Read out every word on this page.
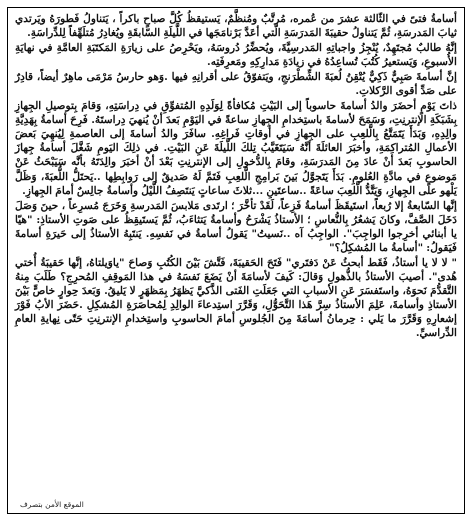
أسامةُ فتىً في الثّالثة عشرَ من عُمره، مُرتَّبٌ ومُنظَّمٌ، يَستيقظُ كُلَّ صباحٍ باكراً ، يَتناولُ فَطورَهُ ويَرتدي ثيابَ المَدرسَةِ، ثُمَّ يَتناولُ حقيبَةَ المَدرَسَةِ الَّتي أعَدَّ بَرْنامَجَها في اللَّيلَةِ السّابقَةِ ويُغادِرُ مُتلَهِّفاً لِلدِّراسَةِ.

إنَّهُ طالبٌ مُجتَهِدٌ، يُنْجِزُ واجباتِهِ المَدرسِيَّةَ، ويُحضِّرُ دُروسَهُ، ويَحْرِصُ على زيارَةِ المَكتَبَةِ العامَّةِ في نهايَةِ الأُسبوعِ، وَيَستعيرُ كُتُبَ تُساعِدُهُ في زيادَةِ مَدارِكِهِ ومَعرِفَتِه.

إنَّ أسامةَ صَبِيٌّ ذَكِيٌّ يُتْقِنُ لُعبَةَ الشِّطْرَنجِ، ويَتفوّقُ على أقرانِهِ فيها .وَهو حارسُ مَرْمَى ماهِرٌ أيضاً، قادِرٌ على صَدِّ أقوى الرَّكلاتِ.

ذاتَ يَوْمٍ أحضَرَ والدُ أسامةَ حاسوباً إلى البَيْتِ مُكافأةً لِوَلَدِهِ المُتفوِّقِ في دِراسَتِهِ، وَقامَ بِتوصيلِ الجِهازِ بِشَبَكَةِ الإنترنِتِ، وَسَمَحَ لأسامةَ باستِخدامِ الجِهازِ ساعةً في اليَوْمِ بَعدَ أنْ يُنهيَ دِراستَهُ. فَرِحَ أسامةُ بِهَدِيَّةِ والِدِهِ، وَبَدَأَ يَتَمَتَّعُ بِالَّلعِبِ على الجِهازِ في أوقاتِ فَراغِهِ. سافَرَ والدُ أسامةَ إلى العاصمةِ لِيُنهِيَ بَعضَ الأعمالِ المُتراكِمَةِ، وأخبَرَ العائلَةَ أنَّهُ سَيَتَغَيَّبُ تِلكَ اللَّيلَةَ عَنِ البَيْتِ. في ذلِكَ اليَومِ شَغَّلَ أسامةُ جِهازَ الحاسوبِ بَعدَ أنْ عادَ مِنَ المَدرَسَةِ، وقامَ بِالدُّخولِ إلى الإنترنِتِ بَعْدَ أنْ أخبَرَ والِدَتَهُ بأنَّه سَيَبْحَثُ عَنْ مَوضوعٍ في مادَّةِ العُلومِ. بَدَأَ يَتَجوَّلُ بَينَ بَرامِجِ الَّلعِبِ فَتَمَّ لَهُ صَديقٌ إلى رَوابِطِها ..يَحتَلُّ اللُّعبَةَ، وَظَلَّ يَلْهو على الجِهازِ، وَيَتَّدُّ الَّلعِبَ ساعَةً ..ساعتَينِ ...ثلاثَ ساعاتٍ يَنتَصِفُ اللَّيْلُ وأسامةُ جالِسٌ أمامَ الجِهازِ.

إنَّها السّابعةُ إلا رُبعاً، استَيقَظَ أسامةُ فَزِعاً، لَقَدْ تأخَّرَ ؛ ارتَدى مَلابسَ المَدرسةِ وَخَرَجَ مُسرِعاً ، حينَ وَصَلَ دَخَلَ الصَّفَّ، وكانَ يَشعُرُ بِالنُّعاسِ ؛ الأستاذُ يَشْرَحُ وأسامةُ يَتثاءَبُ، ثُمَّ يَستَيقِظُ على صَوتِ الأستاذِ: "هيّا يا أبنائي أخرِجوا الواجِبَ". الواجِبُ آه ..نَسيتُ" يَقولُ أسامةُ في نَفسِهِ. يَنتَبِهُ الأستاذُ إلى حَيرَةِ أسامةَ فَيَقولُ: "أسامةُ ما المُشكِلُ؟"

" لا لا يا أستاذُ، فَقَط أبحثُ عَنْ دَفتَري" فَتَحَ الحَقيبَةَ، فَتَّشَ بَيْنَ الكُتُبِ وَصاحَ "ياوَيلتاهُ، إنَّها حَقيبَةُ أُختي هُدى". أصيبَ الأستاذُ بالذُّهولِ وَقالَ: كَيفَ لأسامَةَ أنْ يَضَعَ نَفسَهُ في هذا المَوقِفِ المُحرِجِ؟ طَلَبَ مِنهُ التَّقدُّمَ نَحوَهُ، واستَفسَرَ عَنِ الأسبابِ التي جَعَلَتِ الفَتى الذَّكيَّ يَظهَرُ بِمَظهَرٍ لا يَليقُ. وَبَعدَ حِوارٍ خاصٍّ بَيْنَ الأستاذِ وأسامةَ، عَلِمَ الأستاذُ سِرَّ هَذا التَّحَوُّلِ، وَقَرَّرَ استِدعاءَ الوالِدِ لِمُحاصَرَةِ المُشكِلِ .حَضَرَ الأبُ فَوْرَ إشعارِهِ وَقَرَّرَ ما يَلي : حِرمانُ أسامَةَ مِنَ الجُلوسِ أمامَ الحاسوبِ واستِخدامِ الإنترنِتِ حَتّى نِهايةِ العامِ الدِّراسيِّ.

الموقع الأمن بتصرف
